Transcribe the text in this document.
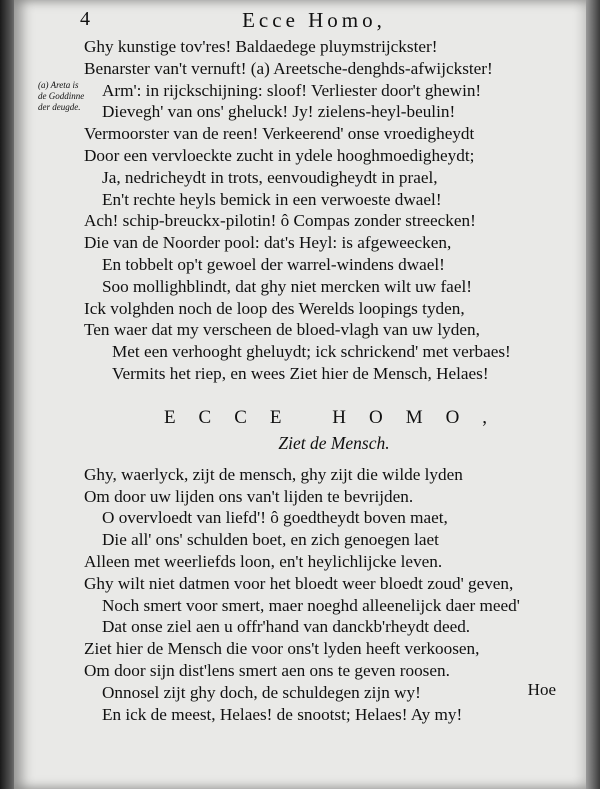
4	Ecce Homo,
(a) Areta is de Goddinne der deugde.
Ghy kunstige tov'res! Baldaedege pluymstrijckster!
Benarster van't vernuft! (a) Areetsche-denghds-afwijckster!
Arm': in rijckschijning: sloof! Verliester door't ghewin!
Dievegh' van ons' gheluck! Jy! zielens-heyl-beulin!
Vermoorster van de reen! Verkeerend' onse vroedigheydt
Door een vervloeckte zucht in ydele hooghmoedigheydt;
Ja, nedricheydt in trots, eenvoudigheydt in prael,
En't rechte heyls bemick in een verwoeste dwael!
Ach! schip-breuckx-pilotin! ô Compas zonder streecken!
Die van de Noorder pool: dat's Heyl: is afgeweecken,
En tobbelt op't gewoel der warrel-windens dwael!
Soo mollighblindt, dat ghy niet mercken wilt uw fael!
Ick volghden noch de loop des Werelds loopings tyden,
Ten waer dat my verscheen de bloed-vlagh van uw lyden,
Met een verhooght gheluydt; ick schrickend' met verbaes!
Vermits het riep, en wees Ziet hier de Mensch, Helaes!
ECCE HOMO,
Ziet de Mensch.
Ghy, waerlyck, zijt de mensch, ghy zijt die wilde lyden
Om door uw lijden ons van't lijden te bevrijden.
O overvloedt van liefd'! ô goedtheydt boven maet,
Die all' ons' schulden boet, en zich genoegen laet
Alleen met weerliefds loon, en't heylichlijcke leven.
Ghy wilt niet datmen voor het bloedt weer bloedt zoud' geven,
Noch smert voor smert, maer noeghd alleenelijck daer meed'
Dat onse ziel aen u offr'hand van danckb'rheydt deed.
Ziet hier de Mensch die voor ons't lyden heeft verkoosen,
Om door sijn dist'lens smert aen ons te geven roosen.
Onnosel zijt ghy doch, de schuldegen zijn wy!
En ick de meest, Helaes! de snootst; Helaes! Ay my!
Hoe
